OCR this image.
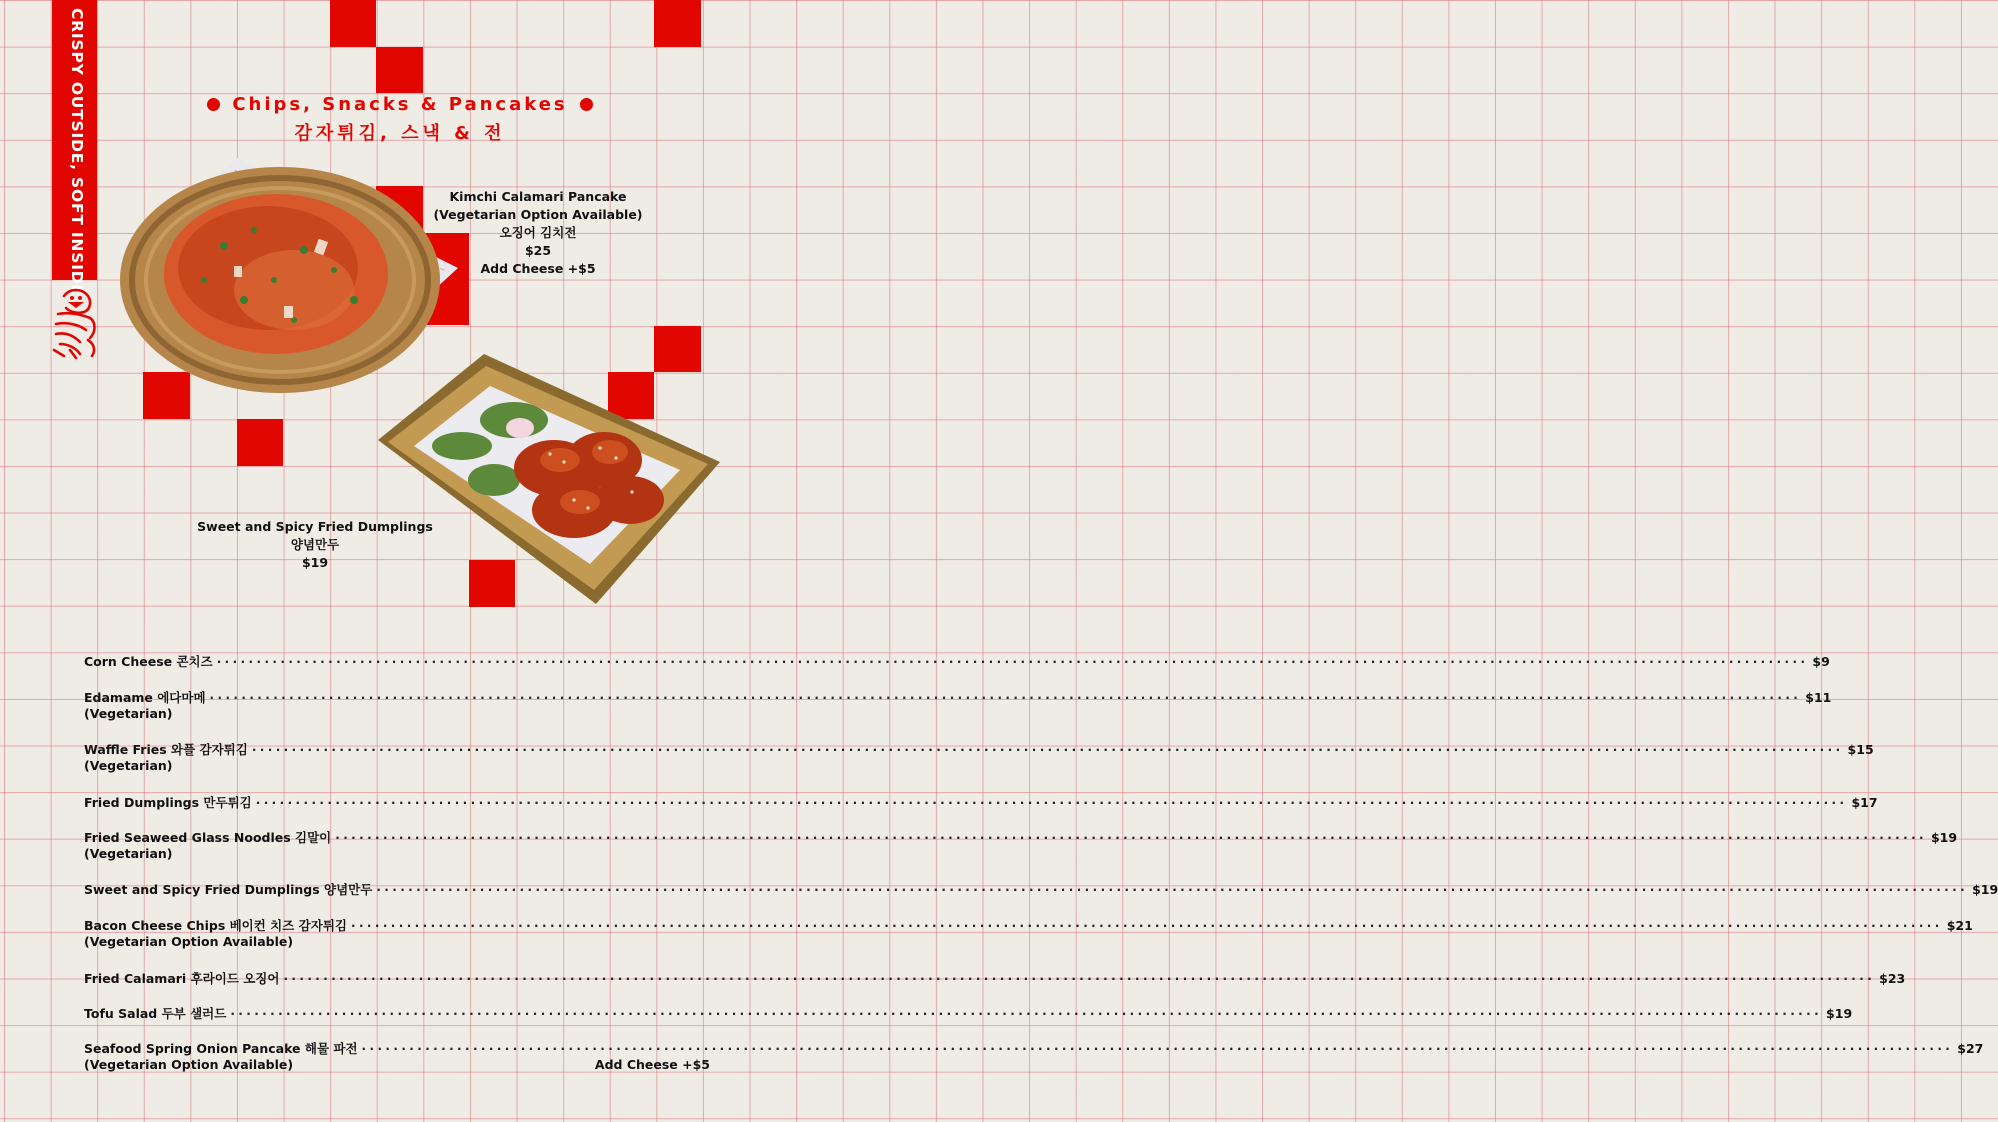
CRISPY OUTSIDE, SOFT INSIDE	Chips, Snacks & Pancakes
감자튀김, 스낵 & 전
Kimchi Calamari Pancake
(Vegetarian Option Available)
오징어 김치전
$25
Add Cheese +$5
Sweet and Spicy Fried Dumplings
양념만두
$19
Corn Cheese 콘치즈 ········································································································································································································ $9
Edamame 에다마메 ········································································································································································································ $11
(Vegetarian)
Waffle Fries 와플 감자튀김 ········································································································································································································ $15
(Vegetarian)
Fried Dumplings 만두튀김 ········································································································································································································ $17
Fried Seaweed Glass Noodles 김말이 ········································································································································································································ $19
(Vegetarian)
Sweet and Spicy Fried Dumplings 양념만두 ········································································································································································································ $19
Bacon Cheese Chips 베이컨 치즈 감자튀김 ········································································································································································································ $21
(Vegetarian Option Available)
Fried Calamari 후라이드 오징어 ········································································································································································································ $23
Tofu Salad 두부 샐러드 ········································································································································································································ $19
Seafood Spring Onion Pancake 해물 파전 ········································································································································································································ $27
(Vegetarian Option Available)	Add Cheese +$5
